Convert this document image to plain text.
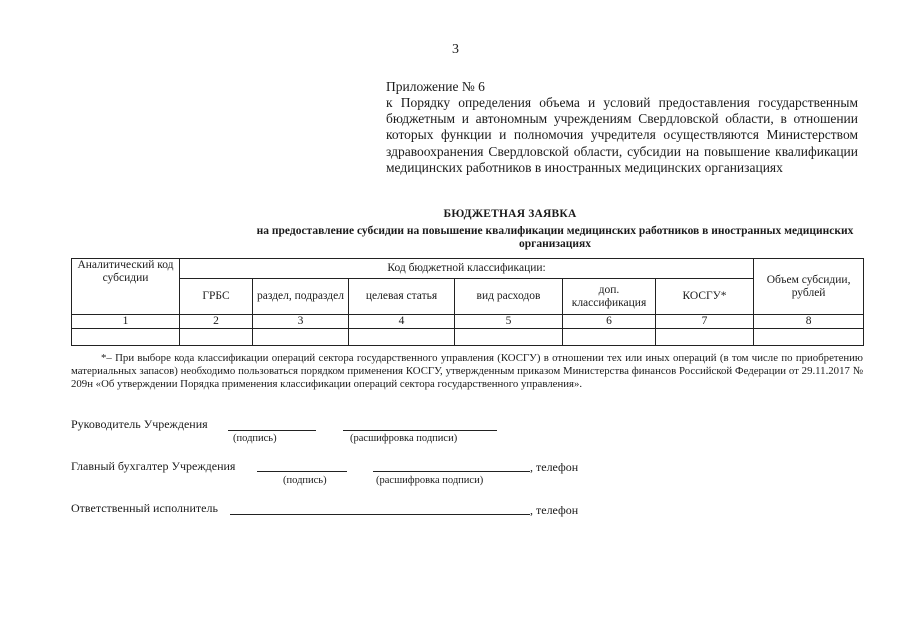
3
Приложение № 6

к Порядку определения объема и условий предоставления государственным бюджетным и автономным учреждениям Свердловской области, в отношении которых функции и полномочия учредителя осуществляются Министерством здравоохранения Свердловской области, субсидии на повышение квалификации медицинских работников в иностранных медицинских организациях

БЮДЖЕТНАЯ ЗАЯВКА
на предоставление субсидии на повышение квалификации медицинских работников в иностранных медицинских организациях
Аналитический код субсидии	Код бюджетной классификации:						Объем субсидии, рублей
	ГРБС	раздел, подраздел	целевая статья	вид расходов	доп. классификация	КОСГУ*	
1	2	3	4	5	6	7	8

*– При выборе кода классификации операций сектора государственного управления (КОСГУ) в отношении тех или иных операций (в том числе по приобретению материальных запасов) необходимо пользоваться порядком применения КОСГУ, утвержденным приказом Министерства финансов Российской Федерации от 29.11.2017 № 209н «Об утверждении Порядка применения классификации операций сектора государственного управления».

Руководитель Учреждения
(подпись)	(расшифровка подписи)
Главный бухгалтер Учреждения	, телефон
(подпись)	(расшифровка подписи)
Ответственный исполнитель	, телефон
